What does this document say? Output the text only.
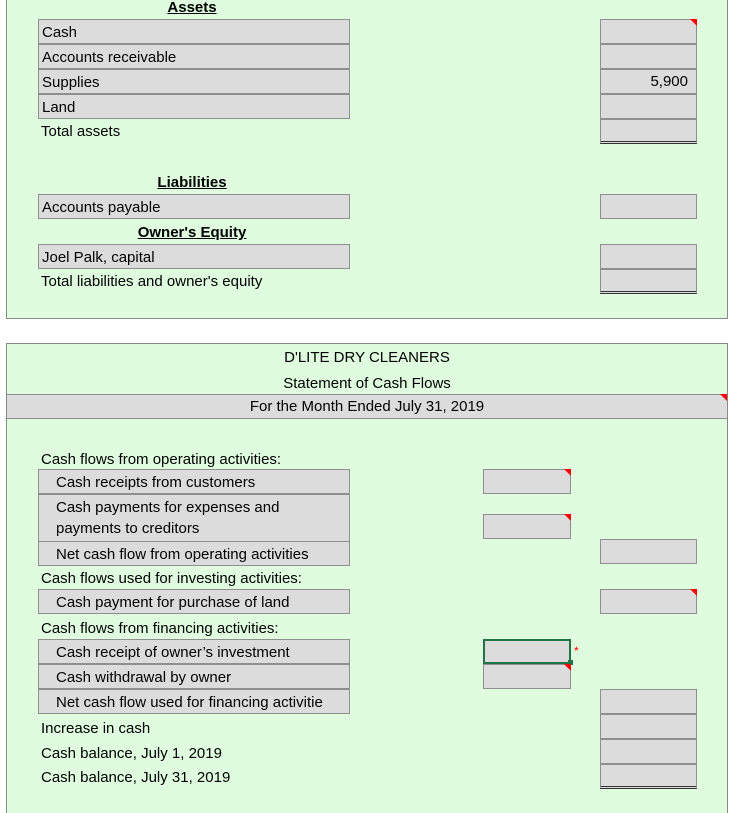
Assets
Cash
Accounts receivable
Supplies
Land
Total assets
5,900
Liabilities
Accounts payable
Owner's Equity
Joel Palk, capital
Total liabilities and owner's equity
D'LITE DRY CLEANERS
Statement of Cash Flows
For the Month Ended July 31, 2019
Cash flows from operating activities:
Cash receipts from customers
Cash payments for expenses and
payments to creditors
Net cash flow from operating activities
Cash flows used for investing activities:
Cash payment for purchase of land
Cash flows from financing activities:
Cash receipt of owner’s investment
Cash withdrawal by owner
Net cash flow used for financing activitie
*
Increase in cash
Cash balance, July 1, 2019
Cash balance, July 31, 2019
